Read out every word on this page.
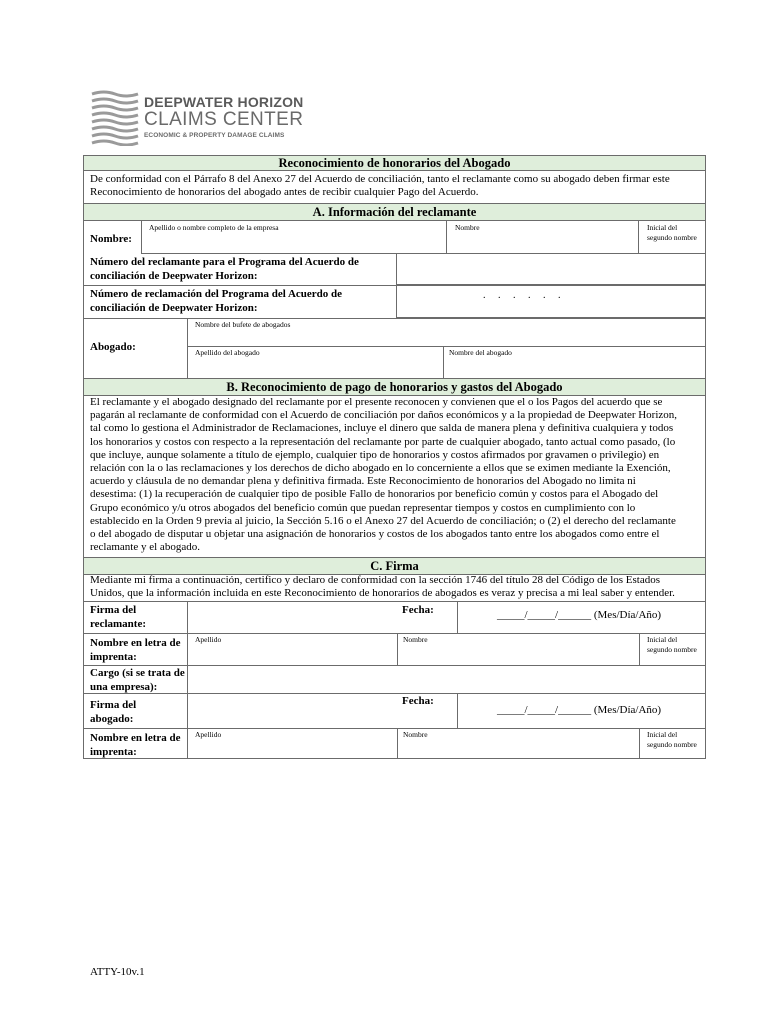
DEEPWATER HORIZON
CLAIMS CENTER
ECONOMIC & PROPERTY DAMAGE CLAIMS
Reconocimiento de honorarios del Abogado
De conformidad con el Párrafo 8 del Anexo 27 del Acuerdo de conciliación, tanto el reclamante como su abogado deben firmar este Reconocimiento de honorarios del abogado antes de recibir cualquier Pago del Acuerdo.
A. Información del reclamante
Nombre:
Apellido o nombre completo de la empresa	Nombre	Inicial del segundo nombre
Número del reclamante para el Programa del Acuerdo de conciliación de Deepwater Horizon:
Número de reclamación del Programa del Acuerdo de conciliación de Deepwater Horizon:
.     .     .     .     .     .
Abogado:
Nombre del bufete de abogados
Apellido del abogado	Nombre del abogado
B. Reconocimiento de pago de honorarios y gastos del Abogado
El reclamante y el abogado designado del reclamante por el presente reconocen y convienen que el o los Pagos del acuerdo que se
pagarán al reclamante de conformidad con el Acuerdo de conciliación por daños económicos y a la propiedad de Deepwater Horizon,
tal como lo gestiona el Administrador de Reclamaciones, incluye el dinero que salda de manera plena y definitiva cualquiera y todos
los honorarios y costos con respecto a la representación del reclamante por parte de cualquier abogado, tanto actual como pasado, (lo
que incluye, aunque solamente a título de ejemplo, cualquier tipo de honorarios y costos afirmados por gravamen o privilegio) en
relación con la o las reclamaciones y los derechos de dicho abogado en lo concerniente a ellos que se eximen mediante la Exención,
acuerdo y cláusula de no demandar plena y definitiva firmada. Este Reconocimiento de honorarios del Abogado no limita ni
desestima: (1) la recuperación de cualquier tipo de posible Fallo de honorarios por beneficio común y costos para el Abogado del
Grupo económico y/u otros abogados del beneficio común que puedan representar tiempos y costos en cumplimiento con lo
establecido en la Orden 9 previa al juicio, la Sección 5.16 o el Anexo 27 del Acuerdo de conciliación; o (2) el derecho del reclamante
o del abogado de disputar u objetar una asignación de honorarios y costos de los abogados tanto entre los abogados como entre el
reclamante y el abogado.
C. Firma
Mediante mi firma a continuación, certifico y declaro de conformidad con la sección 1746 del título 28 del Código de los Estados
Unidos, que la información incluida en este Reconocimiento de honorarios de abogados es veraz y precisa a mi leal saber y entender.
Firma del reclamante:
Fecha:	_____/_____/______ (Mes/Día/Año)
Nombre en letra de imprenta:
Apellido	Nombre	Inicial del segundo nombre
Cargo (si se trata de una empresa):
Firma del abogado:
Fecha:
_____/_____/______ (Mes/Día/Año)
Nombre en letra de imprenta:
Apellido	Nombre	Inicial del segundo nombre
ATTY-10v.1
